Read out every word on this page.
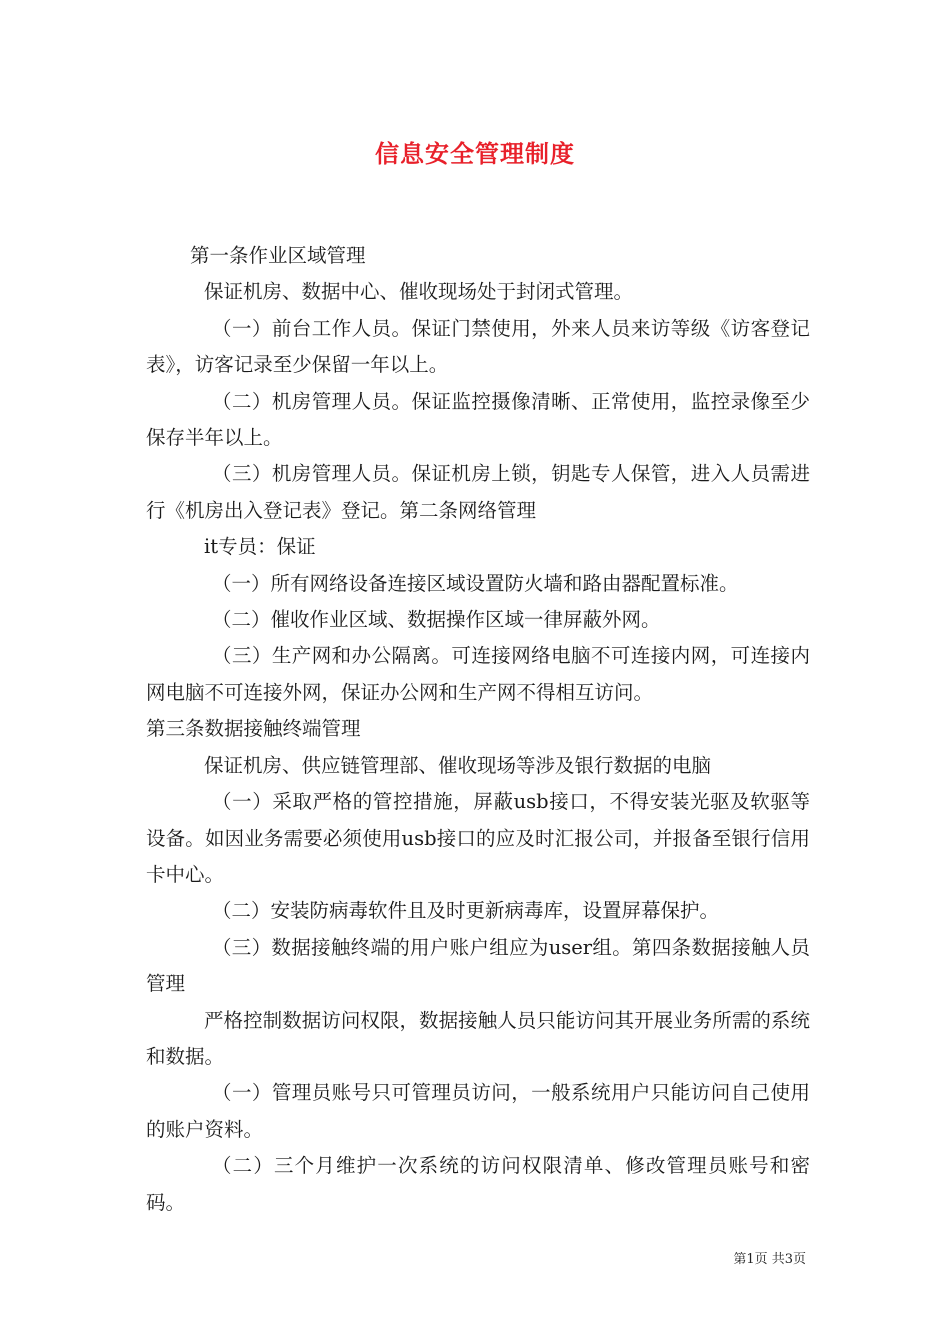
信息安全管理制度

第一条作业区域管理

保证机房、数据中心、催收现场处于封闭式管理。

（一）前台工作人员。保证门禁使用，外来人员来访等级《访客登记表》，访客记录至少保留一年以上。

（二）机房管理人员。保证监控摄像清晰、正常使用，监控录像至少保存半年以上。

（三）机房管理人员。保证机房上锁，钥匙专人保管，进入人员需进行《机房出入登记表》登记。第二条网络管理

it专员：保证

（一）所有网络设备连接区域设置防火墙和路由器配置标准。

（二）催收作业区域、数据操作区域一律屏蔽外网。

（三）生产网和办公隔离。可连接网络电脑不可连接内网，可连接内网电脑不可连接外网，保证办公网和生产网不得相互访问。

第三条数据接触终端管理

保证机房、供应链管理部、催收现场等涉及银行数据的电脑

（一）采取严格的管控措施，屏蔽usb接口，不得安装光驱及软驱等设备。如因业务需要必须使用usb接口的应及时汇报公司，并报备至银行信用卡中心。

（二）安装防病毒软件且及时更新病毒库，设置屏幕保护。

（三）数据接触终端的用户账户组应为user组。第四条数据接触人员管理

严格控制数据访问权限，数据接触人员只能访问其开展业务所需的系统和数据。

（一）管理员账号只可管理员访问，一般系统用户只能访问自己使用的账户资料。

（二）三个月维护一次系统的访问权限清单、修改管理员账号和密码。

第1页 共3页
